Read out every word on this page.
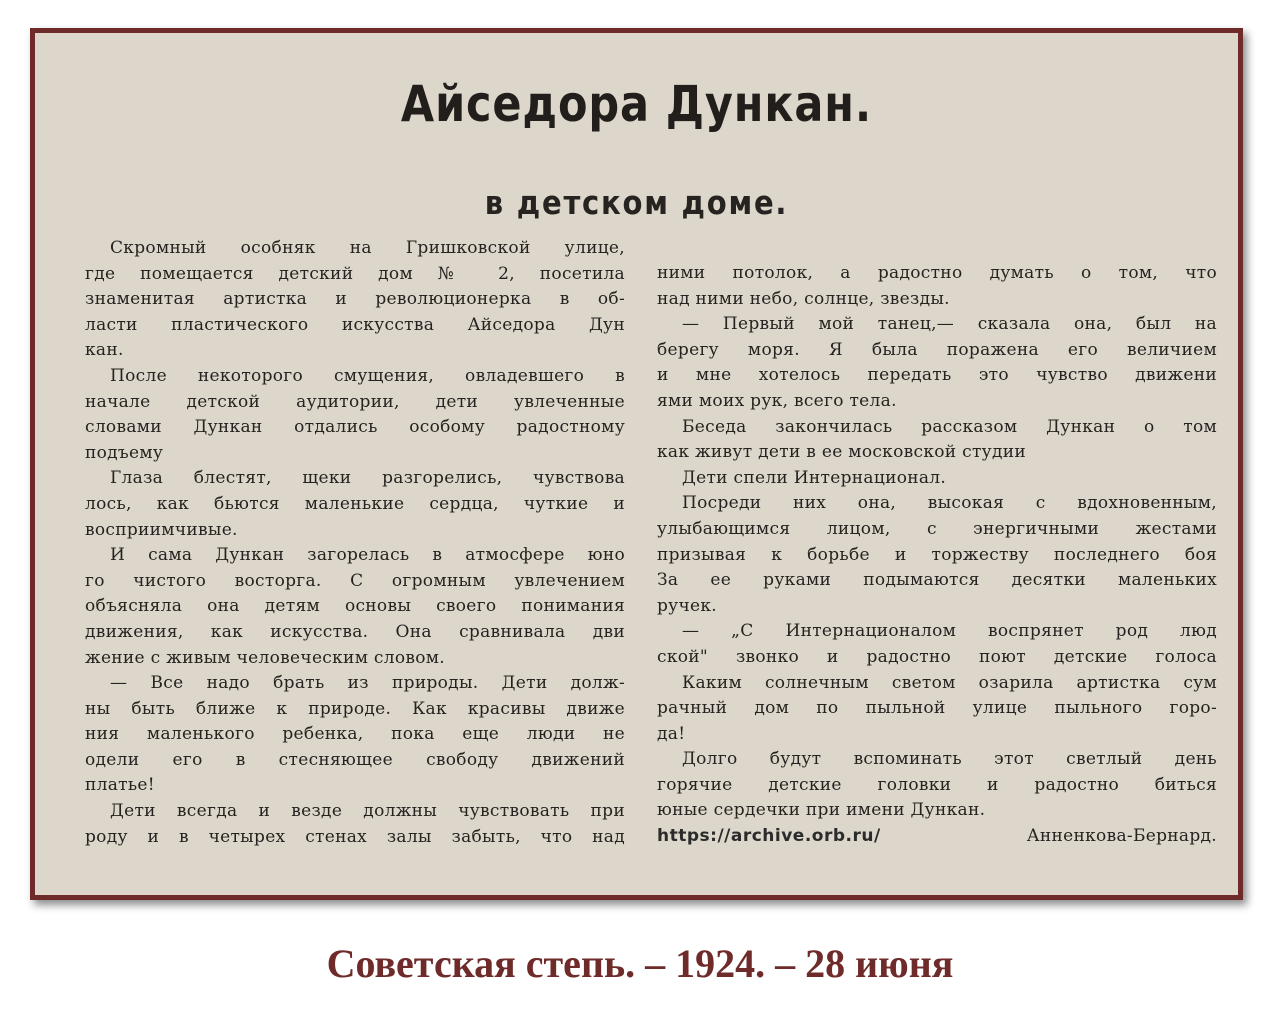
Айседора Дункан.
в детском доме.
Скромный особняк на Гришковской улице,
где помещается детский дом № 2, посетила
знаменитая артистка и революционерка в об-
ласти пластического искусства Айседора Дун
кан.
После некоторого смущения, овладевшего в
начале детской аудитории, дети увлеченные
словами Дункан отдались особому радостному
подъему
Глаза блестят, щеки разгорелись, чувствова
лось, как бьются маленькие сердца, чуткие и
восприимчивые.
И сама Дункан загорелась в атмосфере юно
го чистого восторга. С огромным увлечением
объясняла она детям основы своего понимания
движения, как искусства. Она сравнивала дви
жение с живым человеческим словом.
— Все надо брать из природы. Дети долж-
ны быть ближе к природе. Как красивы движе
ния маленького ребенка, пока еще люди не
одели его в стесняющее свободу движений
платье!
Дети всегда и везде должны чувствовать при
роду и в четырех стенах залы забыть, что над
ними потолок, а радостно думать о том, что
над ними небо, солнце, звезды.
— Первый мой танец,— сказала она, был на
берегу моря. Я была поражена его величием
и мне хотелось передать это чувство движени
ями моих рук, всего тела.
Беседа закончилась рассказом Дункан о том
как живут дети в ее московской студии
Дети спели Интернационал.
Посреди них она, высокая с вдохновенным,
улыбающимся лицом, с энергичными жестами
призывая к борьбе и торжеству последнего боя
За ее руками подымаются десятки маленьких
ручек.
— „С Интернационалом воспрянет род люд
ской" звонко и радостно поют детские голоса
Каким солнечным светом озарила артистка сум
рачный дом по пыльной улице пыльного горо-
да!
Долго будут вспоминать этот светлый день
горячие детские головки и радостно биться
юные сердечки при имени Дункан.
https://archive.orb.ru/	Анненкова-Бернард.
Советская степь. – 1924. – 28 июня
